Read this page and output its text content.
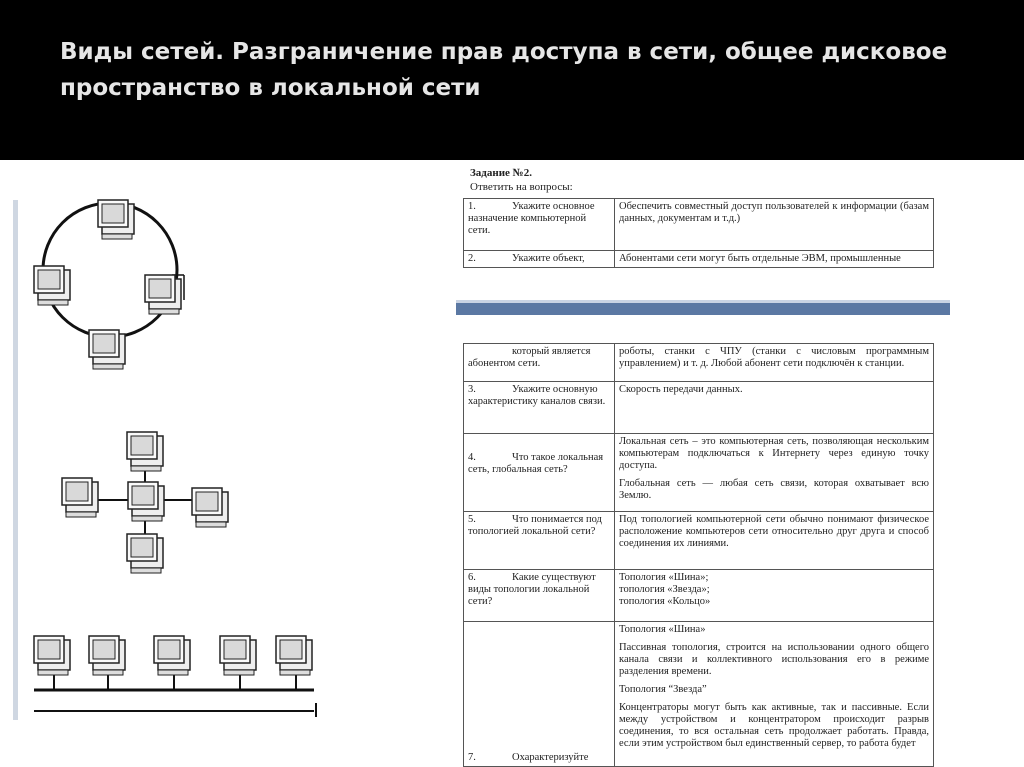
Виды сетей. Разграничение прав доступа в сети, общее дисковое пространство в локальной сети
Задание №2.
Ответить на вопросы:
1. Укажите основное назначение компьютерной сети.	Обеспечить совместный доступ пользователей к информации (базам данных, документам и т.д.)

2. Укажите объект,	Абонентами сети могут быть отдельные ЭВМ, промышленные

который является абонентом сети.	роботы, станки с ЧПУ (станки с числовым программным управлением) и т. д. Любой абонент сети подключён к станции.

3. Укажите основную характеристику каналов связи.	Скорость передачи данных.

4. Что такое локальная сеть, глобальная сеть?	Локальная сеть – это компьютерная сеть, позволяющая нескольким компьютерам подключаться к Интернету через единую точку доступа.

Глобальная сеть — любая сеть связи, которая охватывает всю Землю.

5. Что понимается под топологией локальной сети?	Под топологией компьютерной сети обычно понимают физическое расположение компьютеров сети относительно друг друга и способ соединения их линиями.

6. Какие существуют виды топологии локальной сети?	Топология «Шина»;
топология «Звезда»;
топология «Кольцо»

7. Охарактеризуйте	Топология «Шина»

Пассивная топология, строится на использовании одного общего канала связи и коллективного использования его в режиме разделения времени.

Топология “Звезда”

Концентраторы могут быть как активные, так и пассивные. Если между устройством и концентратором происходит разрыв соединения, то вся остальная сеть продолжает работать. Правда, если этим устройством был единственный сервер, то работа будет
